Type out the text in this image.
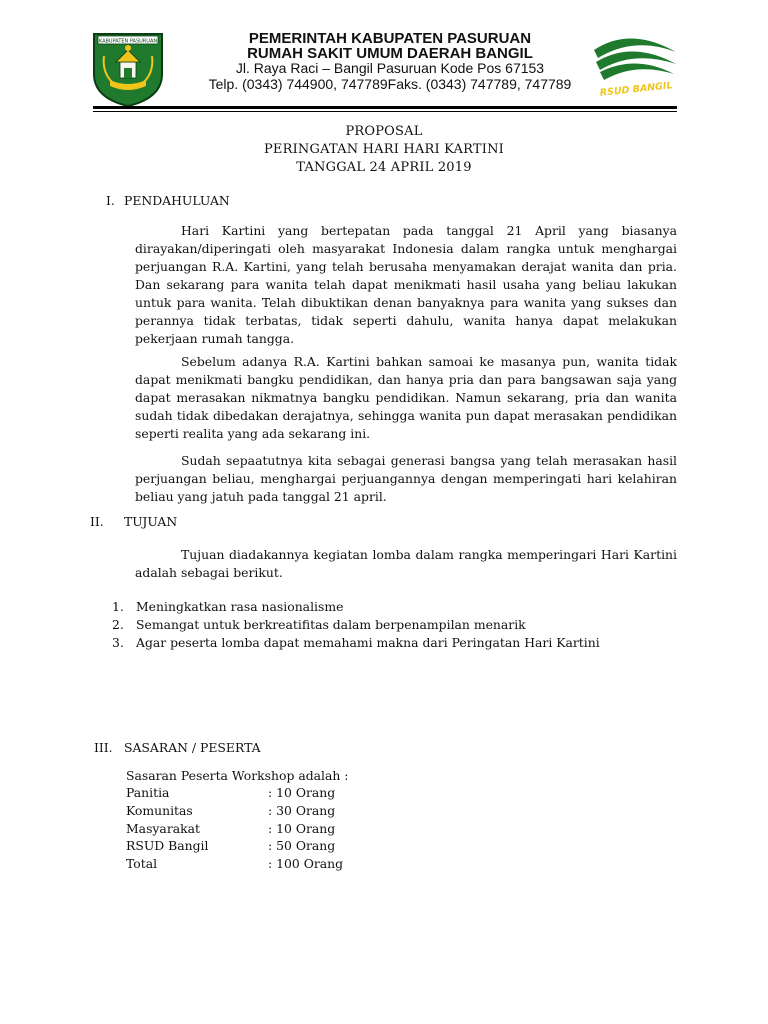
KABUPATEN PASURUAN	PEMERINTAH KABUPATEN PASURUAN
RUMAH SAKIT UMUM DAERAH BANGIL
Jl. Raya Raci – Bangil Pasuruan Kode Pos 67153
Telp. (0343) 744900, 747789Faks. (0343) 747789, 747789	RSUD BANGIL
PROPOSAL
PERINGATAN HARI HARI KARTINI
TANGGAL 24 APRIL 2019
I. PENDAHULUAN
Hari Kartini yang bertepatan pada tanggal 21 April yang biasanya dirayakan/diperingati oleh masyarakat Indonesia dalam rangka untuk menghargai perjuangan R.A. Kartini, yang telah berusaha menyamakan derajat wanita dan pria. Dan sekarang para wanita telah dapat menikmati hasil usaha yang beliau lakukan untuk para wanita. Telah dibuktikan denan banyaknya para wanita yang sukses dan perannya tidak terbatas, tidak seperti dahulu, wanita hanya dapat melakukan pekerjaan rumah tangga.
Sebelum adanya R.A. Kartini bahkan samoai ke masanya pun, wanita tidak dapat menikmati bangku pendidikan, dan hanya pria dan para bangsawan saja yang dapat merasakan nikmatnya bangku pendidikan. Namun sekarang, pria dan wanita sudah tidak dibedakan derajatnya, sehingga wanita pun dapat merasakan pendidikan seperti realita yang ada sekarang ini.
Sudah sepaatutnya kita sebagai generasi bangsa yang telah merasakan hasil perjuangan beliau, menghargai perjuangannya dengan memperingati hari kelahiran beliau yang jatuh pada tanggal 21 april.
II. TUJUAN
Tujuan diadakannya kegiatan lomba dalam rangka memperingari Hari Kartini adalah sebagai berikut.
1. Meningkatkan rasa nasionalisme
2. Semangat untuk berkreatifitas dalam berpenampilan menarik
3. Agar peserta lomba dapat memahami makna dari Peringatan Hari Kartini
III. SASARAN / PESERTA
Sasaran Peserta Workshop adalah :
Panitia	: 10 Orang
Komunitas	: 30 Orang
Masyarakat	: 10 Orang
RSUD Bangil	: 50 Orang
Total	: 100 Orang
